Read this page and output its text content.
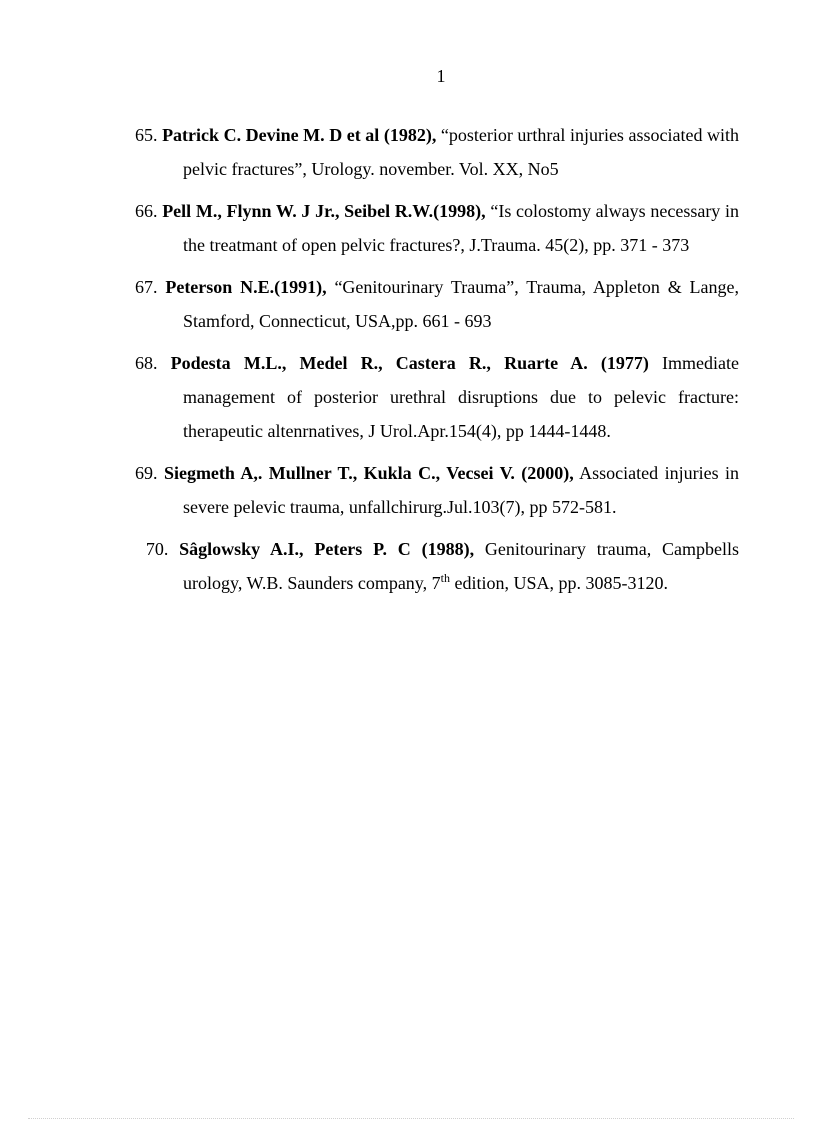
1

65. Patrick C. Devine M. D et al (1982), “posterior urthral injuries associated with pelvic fractures”, Urology. november. Vol. XX, No5

66. Pell M., Flynn W. J Jr., Seibel R.W.(1998), “Is colostomy always necessary in the treatmant of open pelvic fractures?, J.Trauma. 45(2), pp. 371 - 373

67. Peterson N.E.(1991), “Genitourinary Trauma”, Trauma, Appleton & Lange, Stamford, Connecticut, USA,pp. 661 - 693

68. Podesta M.L., Medel R., Castera R., Ruarte A. (1977) Immediate management of posterior urethral disruptions due to pelevic fracture: therapeutic altenrnatives, J Urol.Apr.154(4), pp 1444-1448.

69. Siegmeth A,. Mullner T., Kukla C., Vecsei V. (2000), Associated injuries in severe pelevic trauma, unfallchirurg.Jul.103(7), pp 572-581.

70. Sâglowsky A.I., Peters P. C (1988), Genitourinary trauma, Campbells urology, W.B. Saunders company, 7th edition, USA, pp. 3085-3120.
